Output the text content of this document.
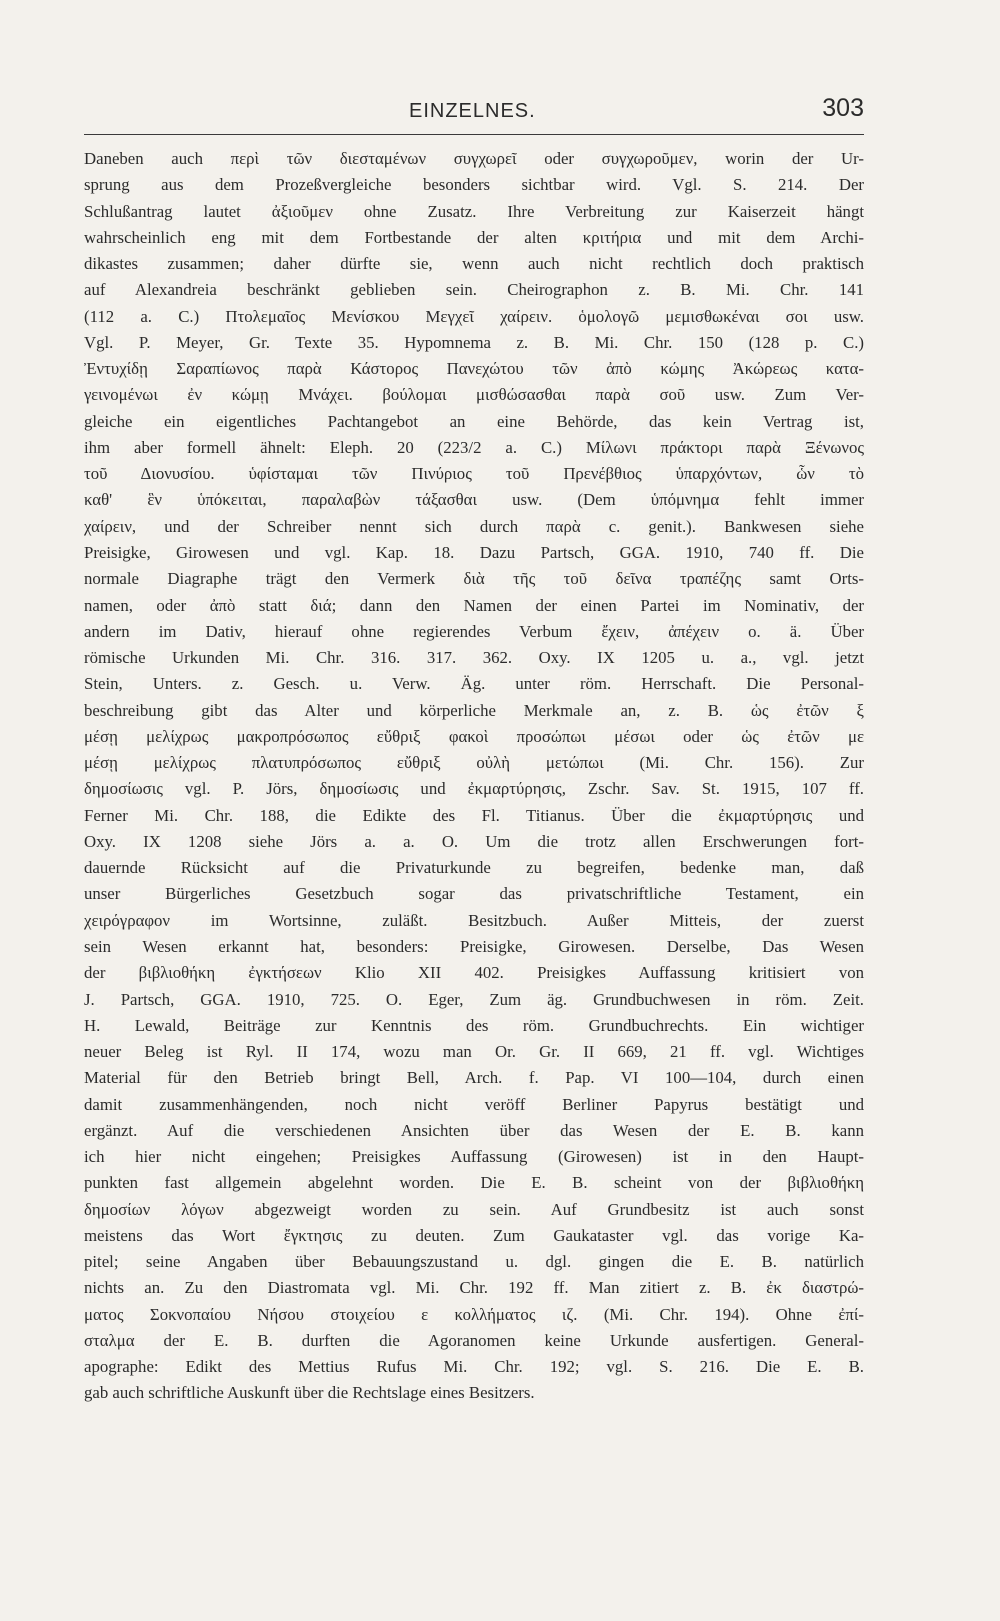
EINZELNES.	303
Daneben auch περὶ τῶν διεσταμένων συγχωρεῖ oder συγχωροῦμεν, worin der Ur-
sprung aus dem Prozeßvergleiche besonders sichtbar wird. Vgl. S. 214. Der
Schlußantrag lautet ἀξιοῦμεν ohne Zusatz. Ihre Verbreitung zur Kaiserzeit hängt
wahrscheinlich eng mit dem Fortbestande der alten κριτήρια und mit dem Archi-
dikastes zusammen; daher dürfte sie, wenn auch nicht rechtlich doch praktisch
auf Alexandreia beschränkt geblieben sein. Cheirographon z. B. Mi. Chr. 141
(112 a. C.) Πτολεμαῖος Μενίσκου Μεγχεῖ χαίρειν. ὁμολογῶ μεμισθωκέναι σοι usw.
Vgl. P. Meyer, Gr. Texte 35. Hypomnema z. B. Mi. Chr. 150 (128 p. C.)
Ἐντυχίδῃ Σαραπίωνος παρὰ Κάστορος Πανεχώτου τῶν ἀπὸ κώμης Ἀκώρεως κατα-
γεινομένωι ἐν κώμῃ Μνάχει. βούλομαι μισθώσασθαι παρὰ σοῦ usw. Zum Ver-
gleiche ein eigentliches Pachtangebot an eine Behörde, das kein Vertrag ist,
ihm aber formell ähnelt: Eleph. 20 (223/2 a. C.) Μίλωνι πράκτορι παρὰ Ξένωνος
τοῦ Διονυσίου. ὑφίσταμαι τῶν Πινύριος τοῦ Πρενέβθιος ὑπαρχόντων, ὧν τὸ
καθ' ἓν ὑπόκειται, παραλαβὼν τάξασθαι usw. (Dem ὑπόμνημα fehlt immer
χαίρειν, und der Schreiber nennt sich durch παρὰ c. genit.). Bankwesen siehe
Preisigke, Girowesen und vgl. Kap. 18. Dazu Partsch, GGA. 1910, 740 ff. Die
normale Diagraphe trägt den Vermerk διὰ τῆς τοῦ δεῖνα τραπέζης samt Orts-
namen, oder ἀπὸ statt διά; dann den Namen der einen Partei im Nominativ, der
andern im Dativ, hierauf ohne regierendes Verbum ἔχειν, ἀπέχειν o. ä. Über
römische Urkunden Mi. Chr. 316. 317. 362. Oxy. IX 1205 u. a., vgl. jetzt
Stein, Unters. z. Gesch. u. Verw. Äg. unter röm. Herrschaft. Die Personal-
beschreibung gibt das Alter und körperliche Merkmale an, z. B. ὡς ἐτῶν ξ
μέσῃ μελίχρως μακροπρόσωπος εὔθριξ φακοὶ προσώπωι μέσωι oder ὡς ἐτῶν με
μέσῃ μελίχρως πλατυπρόσωπος εὔθριξ οὐλὴ μετώπωι (Mi. Chr. 156). Zur
δημοσίωσις vgl. P. Jörs, δημοσίωσις und ἐκμαρτύρησις, Zschr. Sav. St. 1915, 107 ff.
Ferner Mi. Chr. 188, die Edikte des Fl. Titianus. Über die ἐκμαρτύρησις und
Oxy. IX 1208 siehe Jörs a. a. O. Um die trotz allen Erschwerungen fort-
dauernde Rücksicht auf die Privaturkunde zu begreifen, bedenke man, daß
unser Bürgerliches Gesetzbuch sogar das privatschriftliche Testament, ein
χειρόγραφον im Wortsinne, zuläßt. Besitzbuch. Außer Mitteis, der zuerst
sein Wesen erkannt hat, besonders: Preisigke, Girowesen. Derselbe, Das Wesen
der βιβλιοθήκη ἐγκτήσεων Klio XII 402. Preisigkes Auffassung kritisiert von
J. Partsch, GGA. 1910, 725. O. Eger, Zum äg. Grundbuchwesen in röm. Zeit.
H. Lewald, Beiträge zur Kenntnis des röm. Grundbuchrechts. Ein wichtiger
neuer Beleg ist Ryl. II 174, wozu man Or. Gr. II 669, 21 ff. vgl. Wichtiges
Material für den Betrieb bringt Bell, Arch. f. Pap. VI 100—104, durch einen
damit zusammenhängenden, noch nicht veröff Berliner Papyrus bestätigt und
ergänzt. Auf die verschiedenen Ansichten über das Wesen der E. B. kann
ich hier nicht eingehen; Preisigkes Auffassung (Girowesen) ist in den Haupt-
punkten fast allgemein abgelehnt worden. Die E. B. scheint von der βιβλιοθήκη
δημοσίων λόγων abgezweigt worden zu sein. Auf Grundbesitz ist auch sonst
meistens das Wort ἔγκτησις zu deuten. Zum Gaukataster vgl. das vorige Ka-
pitel; seine Angaben über Bebauungszustand u. dgl. gingen die E. B. natürlich
nichts an. Zu den Diastromata vgl. Mi. Chr. 192 ff. Man zitiert z. B. ἐκ διαστρώ-
ματος Σοκνοπαίου Νήσου στοιχείου ε κολλήματος ιζ. (Mi. Chr. 194). Ohne ἐπί-
σταλμα der E. B. durften die Agoranomen keine Urkunde ausfertigen. General-
apographe: Edikt des Mettius Rufus Mi. Chr. 192; vgl. S. 216. Die E. B.
gab auch schriftliche Auskunft über die Rechtslage eines Besitzers.
